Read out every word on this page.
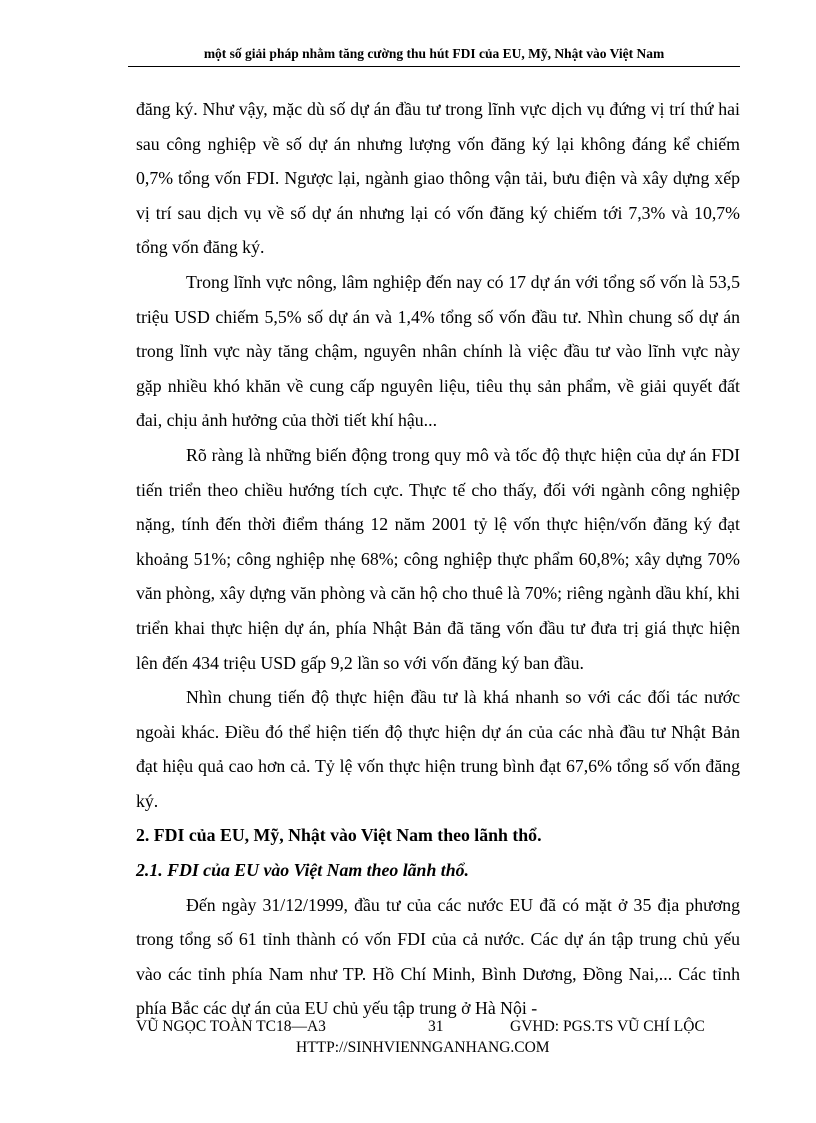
một số giải pháp nhằm tăng cường thu hút FDI của EU, Mỹ, Nhật vào Việt Nam

đăng ký. Như vậy, mặc dù số dự án đầu tư trong lĩnh vực dịch vụ đứng vị trí thứ hai sau công nghiệp về số dự án nhưng lượng vốn đăng ký lại không đáng kể chiếm 0,7% tổng vốn FDI. Ngược lại, ngành giao thông vận tải, bưu điện và xây dựng xếp vị trí sau dịch vụ về số dự án nhưng lại có vốn đăng ký chiếm tới 7,3% và 10,7% tổng vốn đăng ký.

Trong lĩnh vực nông, lâm nghiệp đến nay có 17 dự án với tổng số vốn là 53,5 triệu USD chiếm 5,5% số dự án và 1,4% tổng số vốn đầu tư. Nhìn chung số dự án trong lĩnh vực này tăng chậm, nguyên nhân chính là việc đầu tư vào lĩnh vực này gặp nhiều khó khăn về cung cấp nguyên liệu, tiêu thụ sản phẩm, về giải quyết đất đai, chịu ảnh hưởng của thời tiết khí hậu...

Rõ ràng là những biến động trong quy mô và tốc độ thực hiện của dự án FDI tiến triển theo chiều hướng tích cực. Thực tế cho thấy, đối với ngành công nghiệp nặng, tính đến thời điểm tháng 12 năm 2001 tỷ lệ vốn thực hiện/vốn đăng ký đạt khoảng 51%; công nghiệp nhẹ 68%; công nghiệp thực phẩm 60,8%; xây dựng 70% văn phòng, xây dựng văn phòng và căn hộ cho thuê là 70%; riêng ngành dầu khí, khi triển khai thực hiện dự án, phía Nhật Bản đã tăng vốn đầu tư đưa trị giá thực hiện lên đến 434 triệu USD gấp 9,2 lần so với vốn đăng ký ban đầu.

Nhìn chung tiến độ thực hiện đầu tư là khá nhanh so với các đối tác nước ngoài khác. Điều đó thể hiện tiến độ thực hiện dự án của các nhà đầu tư Nhật Bản đạt hiệu quả cao hơn cả. Tỷ lệ vốn thực hiện trung bình đạt 67,6% tổng số vốn đăng ký.

2. FDI của EU, Mỹ, Nhật vào Việt Nam theo lãnh thổ.

2.1. FDI của EU vào Việt Nam theo lãnh thổ.

Đến ngày 31/12/1999, đầu tư của các nước EU đã có mặt ở 35 địa phương trong tổng số 61 tỉnh thành có vốn FDI của cả nước. Các dự án tập trung chủ yếu vào các tỉnh phía Nam như TP. Hồ Chí Minh, Bình Dương, Đồng Nai,... Các tỉnh phía Bắc các dự án của EU chủ yếu tập trung ở Hà Nội -

VŨ NGỌC TOÀN TC18—A3	31	GVHD: PGS.TS VŨ CHÍ LỘC
HTTP://SINHVIENNGANHANG.COM
